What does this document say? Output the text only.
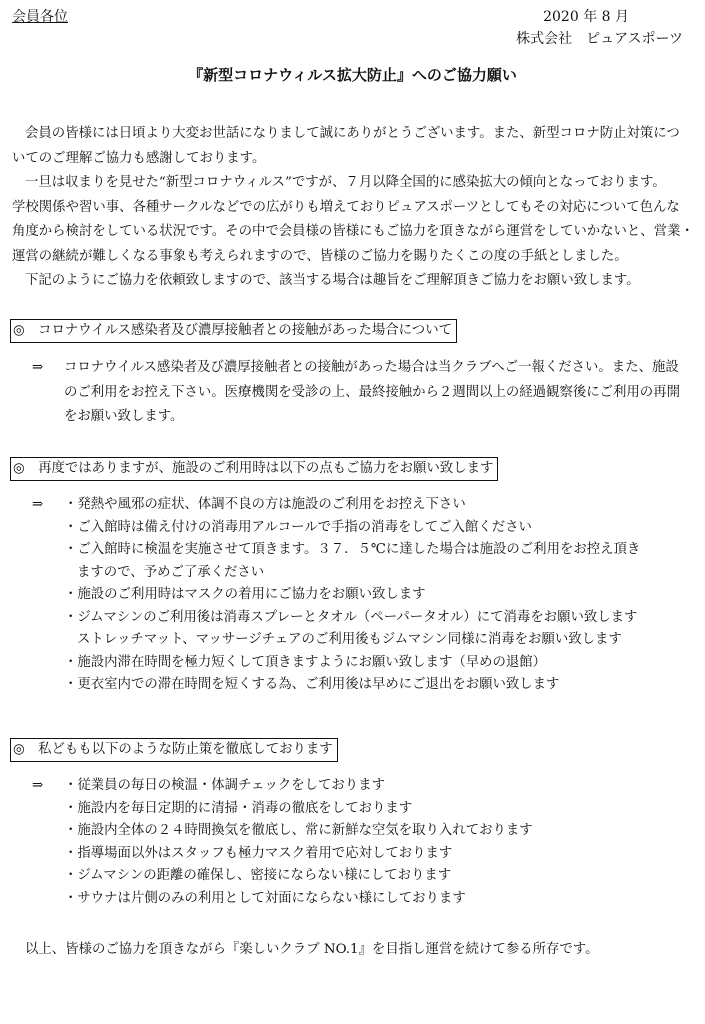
会員各位	2020 年 8 月
株式会社　ピュアスポーツ
『新型コロナウィルス拡大防止』へのご協力願い

会員の皆様には日頃より大変お世話になりまして誠にありがとうございます。また、新型コロナ防止対策につ

いてのご理解ご協力も感謝しております。

一旦は収まりを見せた“新型コロナウィルス”ですが、７月以降全国的に感染拡大の傾向となっております。

学校関係や習い事、各種サークルなどでの広がりも増えておりピュアスポーツとしてもその対応について色んな

角度から検討をしている状況です。その中で会員様の皆様にもご協力を頂きながら運営をしていかないと、営業・

運営の継続が難しくなる事象も考えられますので、皆様のご協力を賜りたくこの度の手紙としました。

下記のようにご協力を依頼致しますので、該当する場合は趣旨をご理解頂きご協力をお願い致します。

◎　コロナウイルス感染者及び濃厚接触者との接触があった場合について
⇒	コロナウイルス感染者及び濃厚接触者との接触があった場合は当クラブへご一報ください。また、施設
のご利用をお控え下さい。医療機関を受診の上、最終接触から２週間以上の経過観察後にご利用の再開
をお願い致します。
◎　再度ではありますが、施設のご利用時は以下の点もご協力をお願い致します
⇒	・発熱や風邪の症状、体調不良の方は施設のご利用をお控え下さい
・ご入館時は備え付けの消毒用アルコールで手指の消毒をしてご入館ください
・ご入館時に検温を実施させて頂きます。３７．５℃に達した場合は施設のご利用をお控え頂き
ますので、予めご了承ください
・施設のご利用時はマスクの着用にご協力をお願い致します
・ジムマシンのご利用後は消毒スプレーとタオル（ペーパータオル）にて消毒をお願い致します
ストレッチマット、マッサージチェアのご利用後もジムマシン同様に消毒をお願い致します
・施設内滞在時間を極力短くして頂きますようにお願い致します（早めの退館）
・更衣室内での滞在時間を短くする為、ご利用後は早めにご退出をお願い致します
◎　私どもも以下のような防止策を徹底しております
⇒	・従業員の毎日の検温・体調チェックをしております
・施設内を毎日定期的に清掃・消毒の徹底をしております
・施設内全体の２４時間換気を徹底し、常に新鮮な空気を取り入れております
・指導場面以外はスタッフも極力マスク着用で応対しております
・ジムマシンの距離の確保し、密接にならない様にしております
・サウナは片側のみの利用として対面にならない様にしております
以上、皆様のご協力を頂きながら『楽しいクラブ NO.1』を目指し運営を続けて参る所存です。
